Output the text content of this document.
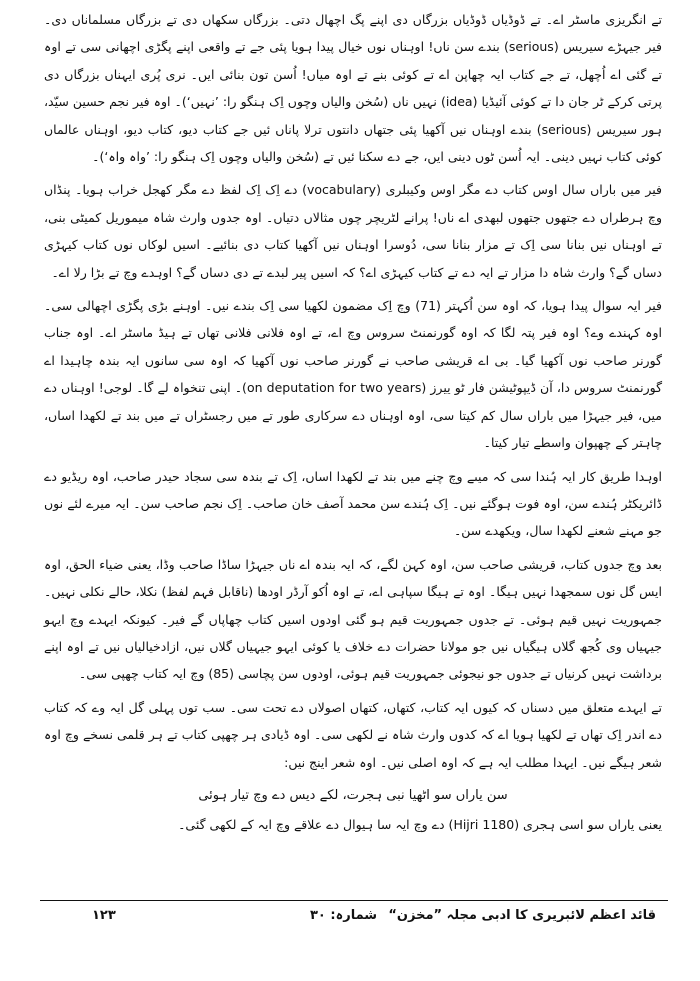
تے انگریزی ماسٹر اے۔ تے ڈوڈیاں ڈوڈیاں بزرگاں دی اپنے پگ اچھال دتی۔ بزرگاں سکھاں دی تے بزرگاں مسلماناں دی۔ فیر جیہڑے سیریس (serious) بندے سن ناں! اوہناں نوں خیال پیدا ہویا پئی جے تے واقعی اپنے پگڑی اچھانی سی تے اوہ تے گئی اے اُچھل، تے جے کتاب ایہ چھاپن اے تے کوئی بنے تے اوہ میاں! اُسن تون بنائی ایں۔ نری پُری ایہناں بزرگاں دی پرتی کرکے ٹر جان دا تے کوئی آئیڈیا (idea) نہیں ناں (سُخن والیاں وچوں اِک ہنگو را: ’نہیں‘)۔ اوہ فیر نجم حسین سیّد، ہور سیریس (serious) بندے اوہناں نیں آکھیا پئی جتھاں دانتوں ترلا پاناں ئیں جے کتاب دیو، کتاب دیو، اوہناں عالماں کوئی کتاب نہیں دینی۔ ایہ اُسن ٹوں دینی ایں، جے دے سکنا ئیں تے (سُخن والیاں وچوں اِک ہنگو را: ’واہ واہ‘)۔

فیر میں باراں سال اوس کتاب دے مگر اوس وکیبلری (vocabulary) دے اِک اِک لفظ دے مگر کھجل خراب ہویا۔ پنڈاں وچ ہرطراں دے جتھوں جتھوں لبھدی اے ناں! پرانے لٹریچر چوں مثالاں دتیاں۔ اوہ جدوں وارث شاہ میموریل کمیٹی بنی، تے اوہناں نیں بنانا سی اِک تے مزار بنانا سی، دُوسرا اوہناں نیں آکھیا کتاب دی بنائیے۔ اسیں لوکاں نوں کتاب کیہڑی دساں گے؟ وارث شاہ دا مزار تے ایہ دے تے کتاب کیہڑی اے؟ کہ اسیں پیر لبدے تے دی دساں گے؟ اوہدے وچ تے بڑا رلا اے۔

فیر ایہ سوال پیدا ہویا، کہ اوہ سن اُکہتر (71) وچ اِک مضمون لکھیا سی اِک بندے نیں۔ اوہنے بڑی پگڑی اچھالی سی۔ اوہ کہندے وے؟ اوہ فیر پتہ لگا کہ اوہ گورنمنٹ سروس وچ اے، تے اوہ فلانی فلانی تھاں تے ہیڈ ماسٹر اے۔ اوہ جناب گورنر صاحب نوں آکھیا گیا۔ بی اے قریشی صاحب نے گورنر صاحب نوں آکھیا کہ اوہ سی سانوں ایہ بندہ چاہیدا اے گورنمنٹ سروس دا، آن ڈیپوٹیشن فار ٹو ییرز (on deputation for two years)۔ اپنی تنخواہ لے گا۔ لوجی! اوہناں دے میں، فیر جیہڑا میں باراں سال کم کیتا سی، اوہ اوہناں دے سرکاری طور تے میں رجسٹراں تے میں بند تے لکھدا اساں، چاہتر کے چھپوان واسطے تیار کیتا۔

اوہدا طریق کار ایہ ہُندا سی کہ میںے وچ چنے میں بند تے لکھدا اساں، اِک تے بندہ سی سجاد حیدر صاحب، اوہ ریڈیو دے ڈائریکٹر ہُندے سن، اوہ فوت ہوگئے نیں۔ اِک ہُندے سن محمد آصف خان صاحب۔ اِک نجم صاحب سن۔ ایہ میرے لئے نوں جو مہنے شعنے لکھدا سال، ویکھدے سن۔

بعد وچ جدوں کتاب، قریشی صاحب سن، اوہ کہن لگے، کہ ایہ بندہ اے ناں جیہڑا ساڈا صاحب وڈا، یعنی ضیاء الحق، اوہ ایس گل نوں سمجھدا نہیں ہیگا۔ اوہ تے ہیگا سپاہی اے، تے اوہ اُکو آرڈر اودھا (ناقابل فہم لفظ) نکلا، حالے نکلی نہیں۔ جمہوریت نہیں قیم ہوئی۔ تے جدوں جمہوریت قیم ہو گئی اودوں اسیں کتاب چھاپاں گے فیر۔ کیونکہ ایہدے وچ ایہو جیہیاں وی کُجھ گلاں ہیگیاں نیں جو مولانا حضرات دے خلاف یا کوئی ایہو جیہیاں گلاں نیں، ازادخیالیاں نیں تے اوہ اپنے برداشت نہیں کرنیاں تے جدوں جو نیجوئی جمہوریت قیم ہوئی، اودوں سن پچاسی (85) وچ ایہ کتاب چھپی سی۔

تے ایہدے متعلق میں دسناں کہ کیوں ایہ کتاب، کتھاں، کتھاں اصولاں دے تحت سی۔ سب توں پہلی گل ایہ وے کہ کتاب دے اندر اِک تھاں تے لکھیا ہویا اے کہ کدوں وارث شاہ نے لکھی سی۔ اوہ ڈیادی ہر چھپی کتاب تے ہر قلمی نسخے وچ اوہ شعر ہیگے نیں۔ ایہدا مطلب ایہ ہے کہ اوہ اصلی نیں۔ اوہ شعر اینج نیں:

سن یاراں سو اٹھیا نبی ہجرت، لکے دیس دے وچ تیار ہوئی

یعنی یاراں سو اسی ہجری (1180 Hijri) دے وچ ایہ سا ہیوال دے علاقے وچ ایہ کے لکھی گئی۔

۱۲۳	شمارہ: ۳۰ قائد اعظم لائبریری کا ادبی مجلہ ”مخزن“
